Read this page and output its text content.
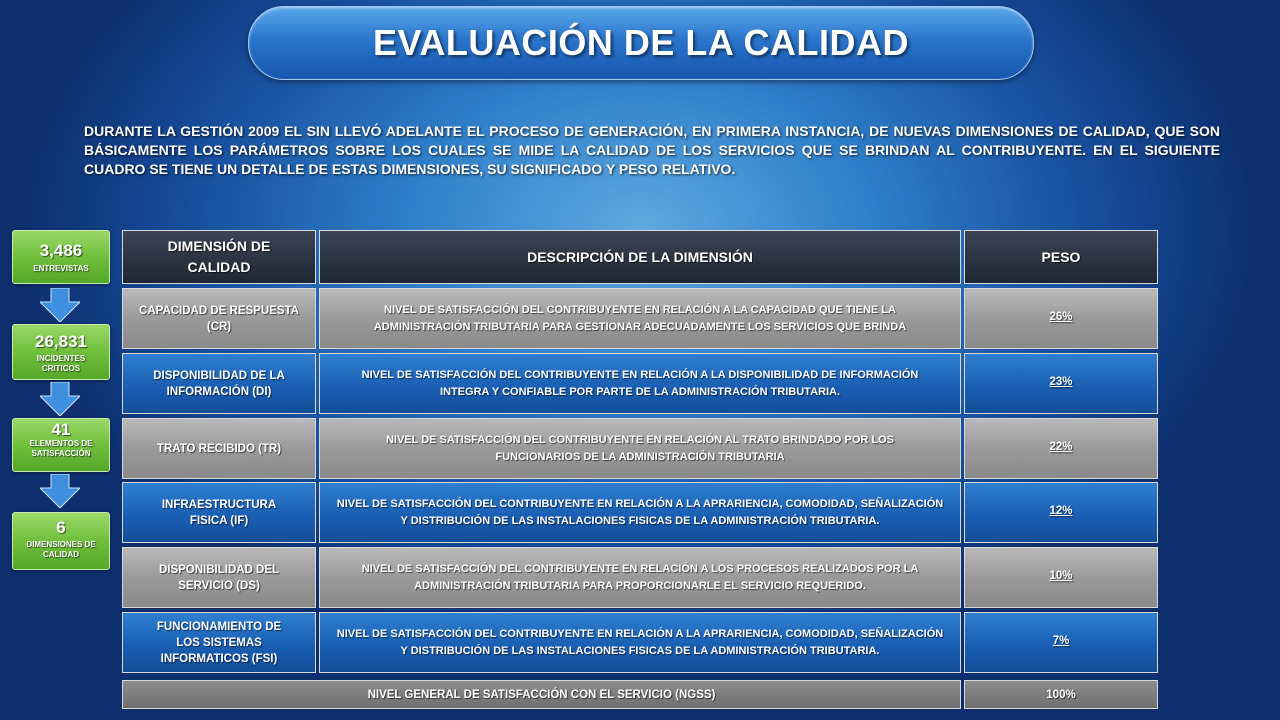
EVALUACIÓN DE LA CALIDAD
DURANTE LA GESTIÓN 2009 EL SIN LLEVÓ ADELANTE EL PROCESO DE GENERACIÓN, EN PRIMERA INSTANCIA, DE NUEVAS DIMENSIONES DE CALIDAD, QUE SON BÁSICAMENTE LOS PARÁMETROS SOBRE LOS CUALES SE MIDE LA CALIDAD DE LOS SERVICIOS QUE SE BRINDAN AL CONTRIBUYENTE. EN EL SIGUIENTE CUADRO SE TIENE UN DETALLE DE ESTAS DIMENSIONES, SU SIGNIFICADO Y PESO RELATIVO.
3,486
ENTREVISTAS
26,831
INCIDENTES CRITICOS
41
ELEMENTOS DE SATISFACCIÓN
6
DIMENSIONES DE CALIDAD
DIMENSIÓN DE CALIDAD
DESCRIPCIÓN DE LA DIMENSIÓN	PESO
CAPACIDAD DE RESPUESTA (CR)
NIVEL DE SATISFACCIÓN DEL CONTRIBUYENTE EN RELACIÓN A LA CAPACIDAD QUE TIENE LA ADMINISTRACIÓN TRIBUTARIA PARA GESTIONAR ADECUADAMENTE LOS SERVICIOS QUE BRINDA
26%
DISPONIBILIDAD DE LA INFORMACIÓN (DI)
NIVEL DE SATISFACCIÓN DEL CONTRIBUYENTE EN RELACIÓN A LA DISPONIBILIDAD DE INFORMACIÓN INTEGRA Y CONFIABLE POR PARTE DE LA ADMINISTRACIÓN TRIBUTARIA.
23%
TRATO RECIBIDO (TR)
NIVEL DE SATISFACCIÓN DEL CONTRIBUYENTE EN RELACIÓN AL TRATO BRINDADO POR LOS FUNCIONARIOS DE LA ADMINISTRACIÓN TRIBUTARIA
22%
INFRAESTRUCTURA FISICA (IF)
NIVEL DE SATISFACCIÓN DEL CONTRIBUYENTE EN RELACIÓN A LA APRARIENCIA, COMODIDAD, SEÑALIZACIÓN Y DISTRIBUCIÓN DE LAS INSTALACIONES FISICAS DE LA ADMINISTRACIÓN TRIBUTARIA.
12%
DISPONIBILIDAD DEL SERVICIO (DS)
NIVEL DE SATISFACCIÓN DEL CONTRIBUYENTE EN RELACIÓN A LOS PROCESOS REALIZADOS POR LA ADMINISTRACIÓN TRIBUTARIA PARA PROPORCIONARLE EL SERVICIO REQUERIDO.
10%
FUNCIONAMIENTO DE LOS SISTEMAS INFORMATICOS (FSI)
NIVEL DE SATISFACCIÓN DEL CONTRIBUYENTE EN RELACIÓN A LA APRARIENCIA, COMODIDAD, SEÑALIZACIÓN Y DISTRIBUCIÓN DE LAS INSTALACIONES FISICAS DE LA ADMINISTRACIÓN TRIBUTARIA.
7%
NIVEL GENERAL DE SATISFACCIÓN CON EL SERVICIO (NGSS)	100%
